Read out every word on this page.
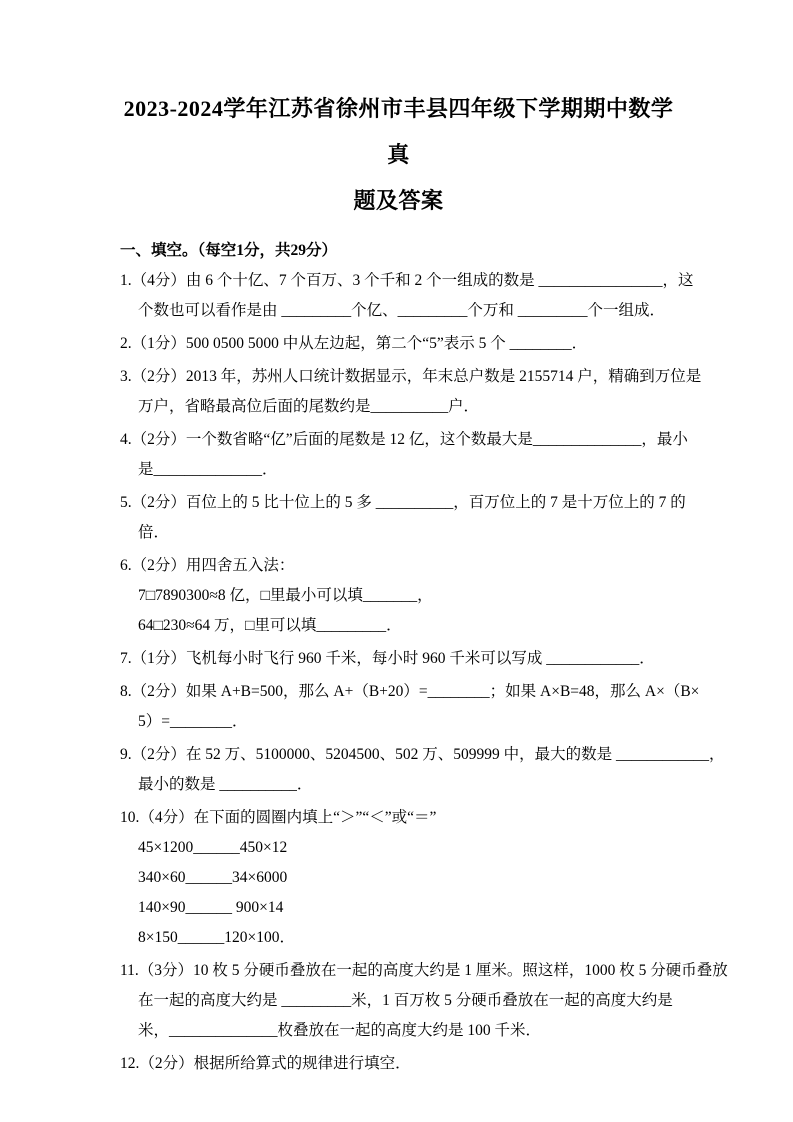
2023-2024学年江苏省徐州市丰县四年级下学期期中数学真
题及答案
一、填空。（每空1分，共29分）
1.（4分）由 6 个十亿、7 个百万、3 个千和 2 个一组成的数是 ________________，这
个数也可以看作是由 _________个亿、_________个万和 _________个一组成．
2.（1分）500 0500 5000 中从左边起，第二个“5”表示 5 个 ________．
3.（2分）2013 年，苏州人口统计数据显示，年末总户数是 2155714 户，精确到万位是
万户，省略最高位后面的尾数约是__________户．
4.（2分）一个数省略“亿”后面的尾数是 12 亿，这个数最大是______________，最小
是______________．
5.（2分）百位上的 5 比十位上的 5 多 __________，百万位上的 7 是十万位上的 7 的
倍．
6.（2分）用四舍五入法：
7□7890300≈8 亿，□里最小可以填_______，
64□230≈64 万，□里可以填_________．
7.（1分）飞机每小时飞行 960 千米，每小时 960 千米可以写成 ____________．
8.（2分）如果 A+B=500，那么 A+（B+20）=________；如果 A×B=48，那么 A×（B×
5）=________．
9.（2分）在 52 万、5100000、5204500、502 万、509999 中，最大的数是 ____________，
最小的数是 __________．
10.（4分）在下面的圆圈内填上“＞”“＜”或“＝”
45×1200______450×12
340×60______34×6000
140×90______ 900×14
8×150______120×100．
11.（3分）10 枚 5 分硬币叠放在一起的高度大约是 1 厘米。照这样，1000 枚 5 分硬币叠放
在一起的高度大约是 _________米，1 百万枚 5 分硬币叠放在一起的高度大约是
米，______________枚叠放在一起的高度大约是 100 千米．
12.（2分）根据所给算式的规律进行填空．
